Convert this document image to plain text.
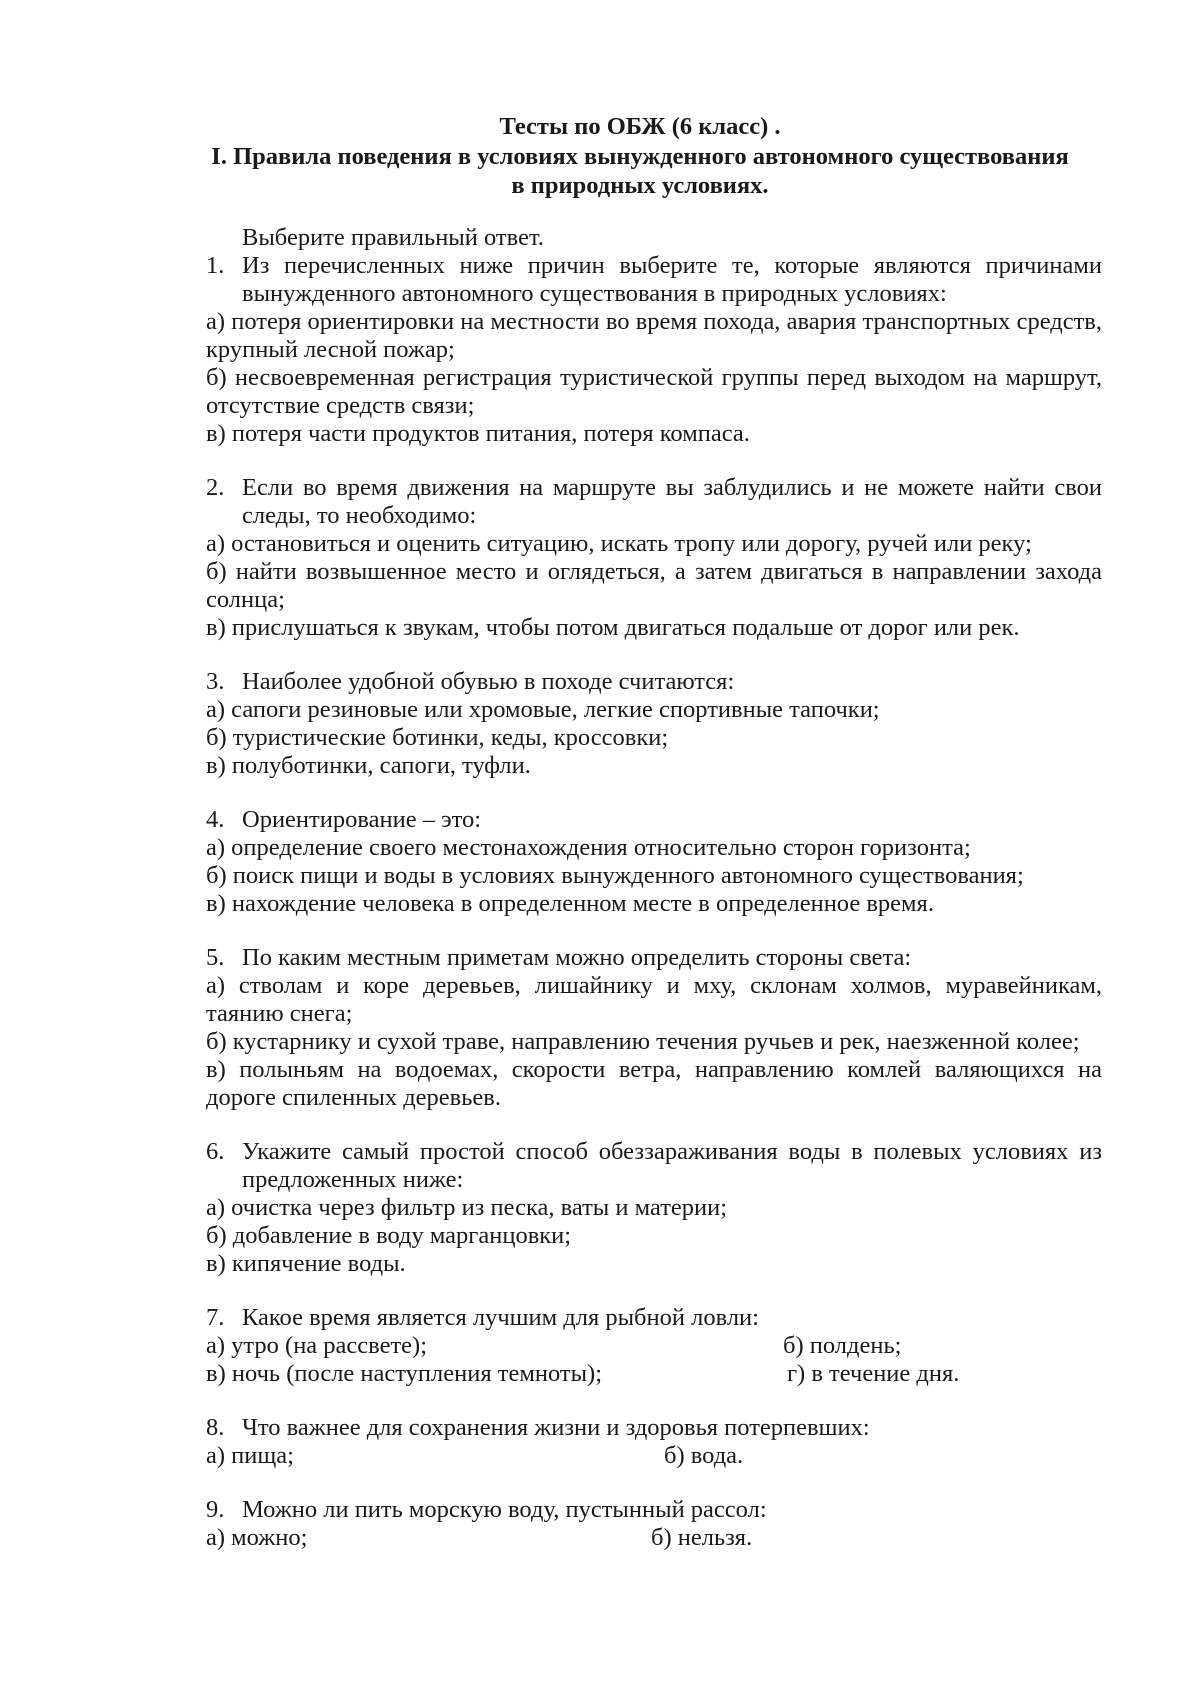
Тесты по ОБЖ (6 класс) .
I. Правила поведения в условиях вынужденного автономного существования
в природных условиях.
Выберите правильный ответ.
1. Из перечисленных ниже причин выберите те, которые являются причинами вынужденного автономного существования в природных условиях:
а) потеря ориентировки на местности во время похода, авария транспортных средств, крупный лесной пожар;
б) несвоевременная регистрация туристической группы перед выходом на маршрут, отсутствие средств связи;
в) потеря части продуктов питания, потеря компаса.
2. Если во время движения на маршруте вы заблудились и не можете найти свои следы, то необходимо:
а) остановиться и оценить ситуацию, искать тропу или дорогу, ручей или реку;
б) найти возвышенное место и оглядеться, а затем двигаться в направлении захода солнца;
в) прислушаться к звукам, чтобы потом двигаться подальше от дорог или рек.
3. Наиболее удобной обувью в походе считаются:
а) сапоги резиновые или хромовые, легкие спортивные тапочки;
б) туристические ботинки, кеды, кроссовки;
в) полуботинки, сапоги, туфли.
4. Ориентирование – это:
а) определение своего местонахождения относительно сторон горизонта;
б) поиск пищи и воды в условиях вынужденного автономного существования;
в) нахождение человека в определенном месте в определенное время.
5. По каким местным приметам можно определить стороны света:
а) стволам и коре деревьев, лишайнику и мху, склонам холмов, муравейникам, таянию снега;
б) кустарнику и сухой траве, направлению течения ручьев и рек, наезженной колее;
в) полыньям на водоемах, скорости ветра, направлению комлей валяющихся на дороге спиленных деревьев.
6. Укажите самый простой способ обеззараживания воды в полевых условиях из предложенных ниже:
а) очистка через фильтр из песка, ваты и материи;
б) добавление в воду марганцовки;
в) кипячение воды.
7. Какое время является лучшим для рыбной ловли:
а) утро (на рассвете);	б) полдень;
в) ночь (после наступления темноты);	г) в течение дня.
8. Что важнее для сохранения жизни и здоровья потерпевших:
а) пища;	б) вода.
9. Можно ли пить морскую воду, пустынный рассол:
а) можно;	б) нельзя.
